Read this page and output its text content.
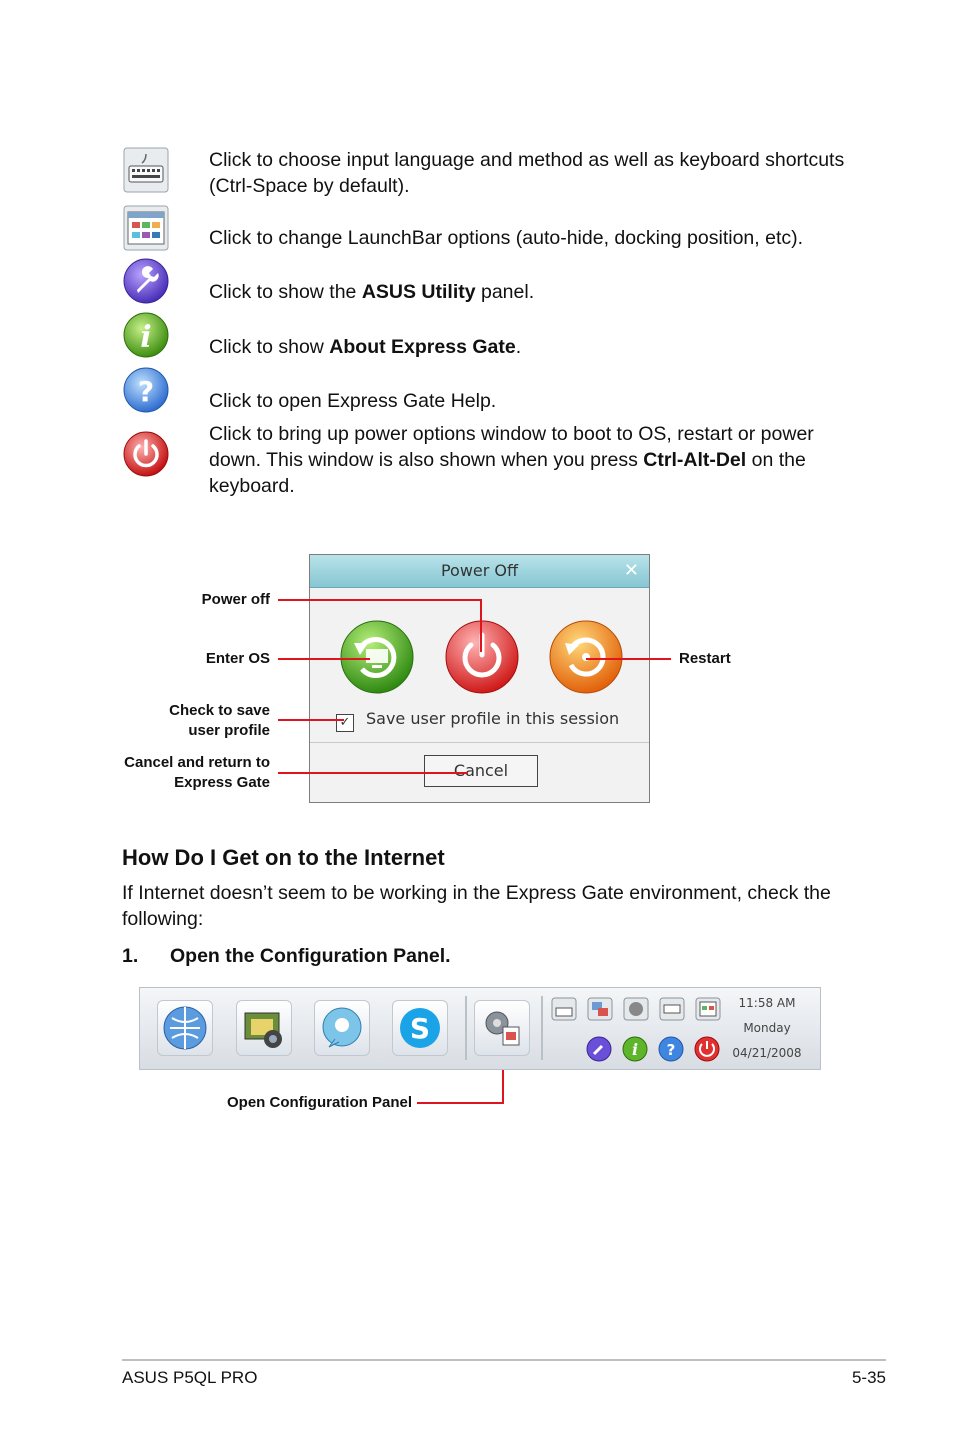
Click to choose input language and method as well as keyboard shortcuts (Ctrl-Space by default).
Click to change LaunchBar options (auto-hide, docking position, etc).
Click to show the ASUS Utility panel.
i	Click to show About Express Gate.
?	Click to open Express Gate Help.
Click to bring up power options window to boot to OS, restart or power down. This window is also shown when you press Ctrl-Alt-Del on the keyboard.
Power Off	✕
✓ Save user profile in this session
Cancel
Power off
Enter OS
Check to save
user profile
Cancel and return to
Express Gate
Restart
How Do I Get on to the Internet
If Internet doesn’t seem to be working in the Express Gate environment, check the following:
1. Open the Configuration Panel.
S
i ?
11:58 AM
Monday
04/21/2008
Open Configuration Panel
ASUS P5QL PRO	5-35
